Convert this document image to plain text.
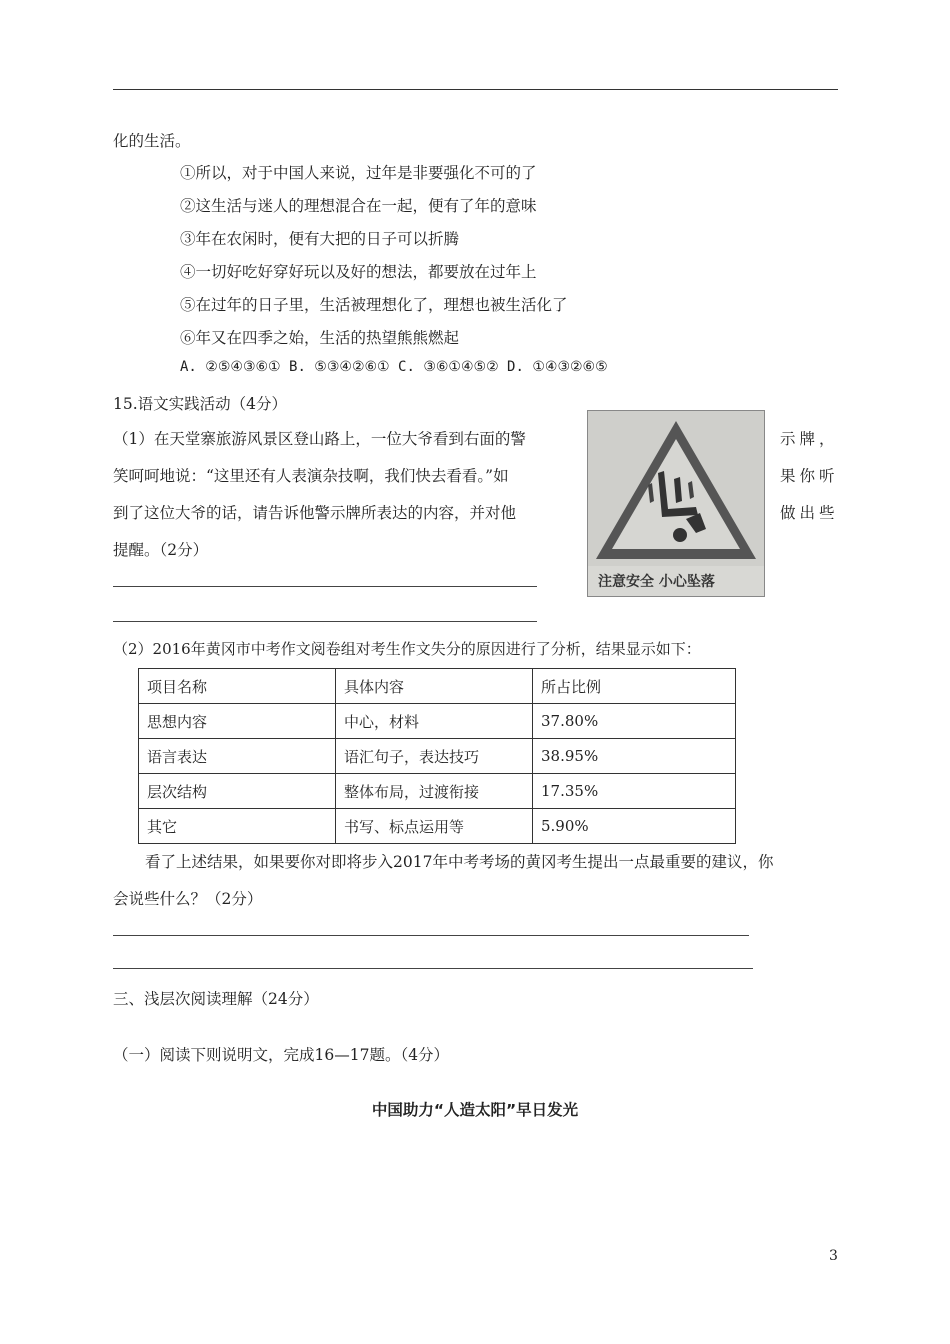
化的生活。
①所以，对于中国人来说，过年是非要强化不可的了
②这生活与迷人的理想混合在一起，便有了年的意味
③年在农闲时，便有大把的日子可以折腾
④一切好吃好穿好玩以及好的想法，都要放在过年上
⑤在过年的日子里，生活被理想化了，理想也被生活化了
⑥年又在四季之始，生活的热望熊熊燃起
A. ②⑤④③⑥① B. ⑤③④②⑥① C. ③⑥①④⑤② D. ①④③②⑥⑤
15.语文实践活动（4分）
（1）在天堂寨旅游风景区登山路上，一位大爷看到右面的警	示牌，
笑呵呵地说：“这里还有人表演杂技啊，我们快去看看。”如	果你听
到了这位大爷的话，请告诉他警示牌所表达的内容，并对他	做出些
提醒。（2分）
注意安全 小心坠落
（2）2016年黄冈市中考作文阅卷组对考生作文失分的原因进行了分析，结果显示如下：
项目名称	具体内容	所占比例
思想内容	中心，材料	37.80%
语言表达	语汇句子，表达技巧	38.95%
层次结构	整体布局，过渡衔接	17.35%
其它	书写、标点运用等	5.90%
看了上述结果，如果要你对即将步入2017年中考考场的黄冈考生提出一点最重要的建议，你
会说些什么？（2分）
三、浅层次阅读理解（24分）
（一）阅读下则说明文，完成16—17题。（4分）
中国助力“人造太阳”早日发光
3
